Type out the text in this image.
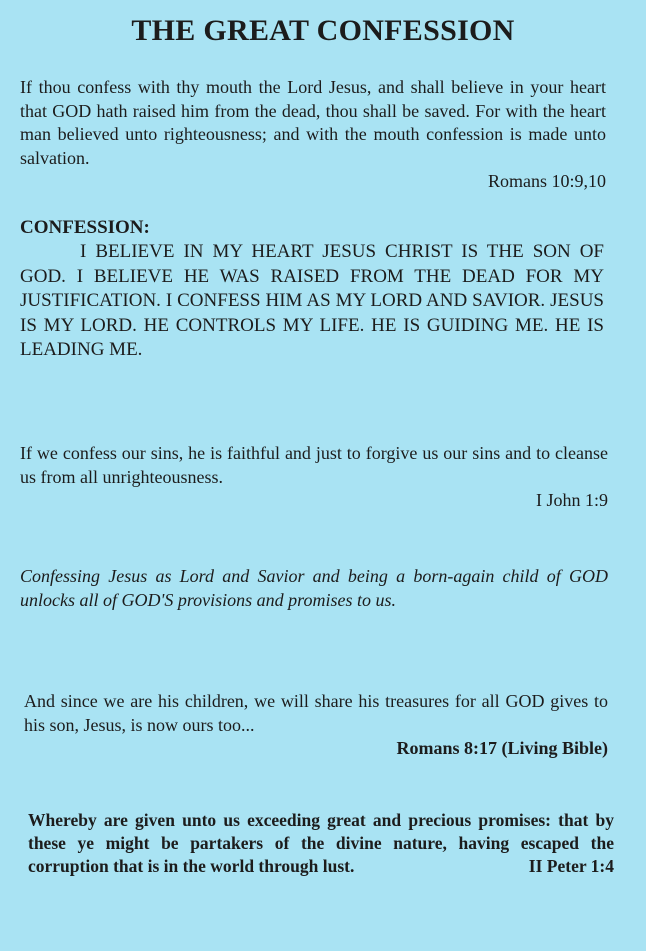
THE GREAT CONFESSION
If thou confess with thy mouth the Lord Jesus, and shall believe in your heart that GOD hath raised him from the dead, thou shall be saved. For with the heart man believed unto righteousness; and with the mouth confession is made unto salvation.
Romans 10:9,10
CONFESSION:
I BELIEVE IN MY HEART JESUS CHRIST IS THE SON OF GOD. I BELIEVE HE WAS RAISED FROM THE DEAD FOR MY JUSTIFICATION. I CONFESS HIM AS MY LORD AND SAVIOR. JESUS IS MY LORD. HE CONTROLS MY LIFE. HE IS GUIDING ME. HE IS LEADING ME.
If we confess our sins, he is faithful and just to forgive us our sins and to cleanse us from all unrighteousness.
I John 1:9
Confessing Jesus as Lord and Savior and being a born-again child of GOD unlocks all of GOD'S provisions and promises to us.
And since we are his children, we will share his treasures for all GOD gives to his son, Jesus, is now ours too...
Romans 8:17 (Living Bible)
Whereby are given unto us exceeding great and precious promises: that by these ye might be partakers of the divine nature, having escaped the corruption that is in the world through lust.	II Peter 1:4
